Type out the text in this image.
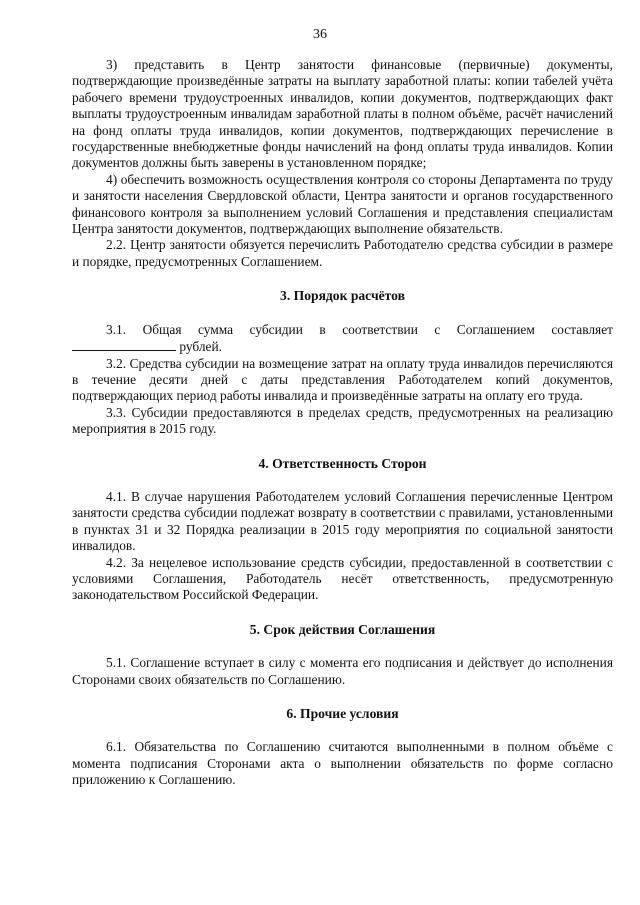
36

3) представить в Центр занятости финансовые (первичные) документы, подтверждающие произведённые затраты на выплату заработной платы: копии табелей учёта рабочего времени трудоустроенных инвалидов, копии документов, подтверждающих факт выплаты трудоустроенным инвалидам заработной платы в полном объёме, расчёт начислений на фонд оплаты труда инвалидов, копии документов, подтверждающих перечисление в государственные внебюджетные фонды начислений на фонд оплаты труда инвалидов. Копии документов должны быть заверены в установленном порядке;

4) обеспечить возможность осуществления контроля со стороны Департамента по труду и занятости населения Свердловской области, Центра занятости и органов государственного финансового контроля за выполнением условий Соглашения и представления специалистам Центра занятости документов, подтверждающих выполнение обязательств.

2.2. Центр занятости обязуется перечислить Работодателю средства субсидии в размере и порядке, предусмотренных Соглашением.

3. Порядок расчётов

3.1. Общая сумма субсидии в соответствии с Соглашением составляет  рублей.

3.2. Средства субсидии на возмещение затрат на оплату труда инвалидов перечисляются в течение десяти дней с даты представления Работодателем копий документов, подтверждающих период работы инвалида и произведённые затраты на оплату его труда.

3.3. Субсидии предоставляются в пределах средств, предусмотренных на реализацию мероприятия в 2015 году.

4. Ответственность Сторон

4.1. В случае нарушения Работодателем условий Соглашения перечисленные Центром занятости средства субсидии подлежат возврату в соответствии с правилами, установленными в пунктах 31 и 32 Порядка реализации в 2015 году мероприятия по социальной занятости инвалидов.

4.2. За нецелевое использование средств субсидии, предоставленной в соответствии с условиями Соглашения, Работодатель несёт ответственность, предусмотренную законодательством Российской Федерации.

5. Срок действия Соглашения

5.1. Соглашение вступает в силу с момента его подписания и действует до исполнения Сторонами своих обязательств по Соглашению.

6. Прочие условия

6.1. Обязательства по Соглашению считаются выполненными в полном объёме с момента подписания Сторонами акта о выполнении обязательств по форме согласно приложению к Соглашению.
